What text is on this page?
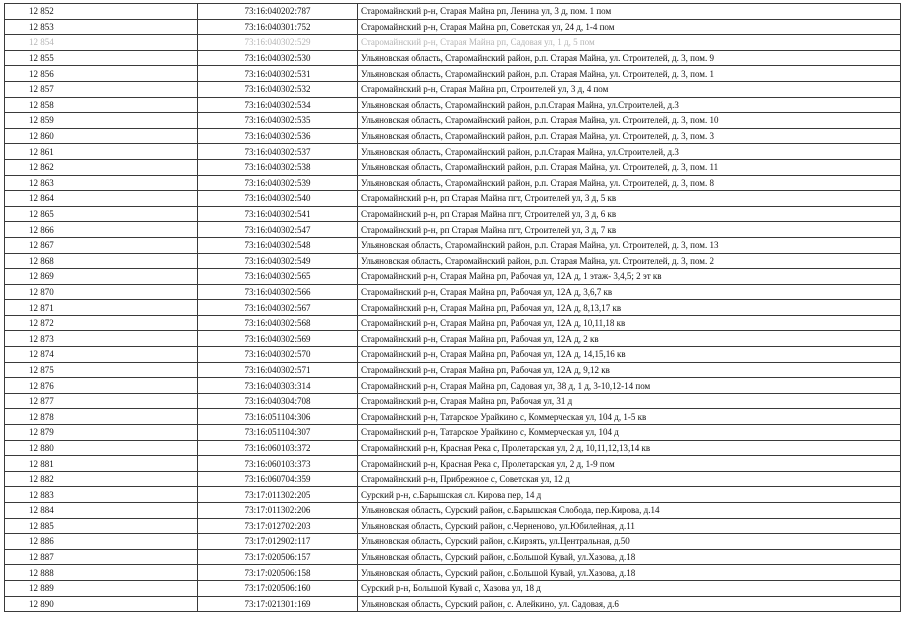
12 852	73:16:040202:787	Старомайнский р-н, Старая Майна рп, Ленина ул, 3 д, пом. 1 пом
12 853	73:16:040301:752	Старомайнский р-н, Старая Майна рп, Советская ул, 24 д, 1-4 пом
12 854	73:16:040302:529	Старомайнский р-н, Старая Майна рп, Садовая ул, 1 д, 5 пом
12 855	73:16:040302:530	Ульяновская область, Старомайнский район, р.п. Старая Майна, ул. Строителей, д. 3, пом. 9
12 856	73:16:040302:531	Ульяновская область, Старомайнский район, р.п. Старая Майна, ул. Строителей, д. 3, пом. 1
12 857	73:16:040302:532	Старомайнский р-н, Старая Майна рп, Строителей ул, 3 д, 4 пом
12 858	73:16:040302:534	Ульяновская область, Старомайнский район, р.п.Старая Майна, ул.Строителей, д.3
12 859	73:16:040302:535	Ульяновская область, Старомайнский район, р.п. Старая Майна, ул. Строителей, д. 3, пом. 10
12 860	73:16:040302:536	Ульяновская область, Старомайнский район, р.п. Старая Майна, ул. Строителей, д. 3, пом. 3
12 861	73:16:040302:537	Ульяновская область, Старомайнский район, р.п.Старая Майна, ул.Строителей, д.3
12 862	73:16:040302:538	Ульяновская область, Старомайнский район, р.п. Старая Майна, ул. Строителей, д. 3, пом. 11
12 863	73:16:040302:539	Ульяновская область, Старомайнский район, р.п. Старая Майна, ул. Строителей, д. 3, пом. 8
12 864	73:16:040302:540	Старомайнский р-н, рп Старая Майна пгт, Строителей ул, 3 д, 5 кв
12 865	73:16:040302:541	Старомайнский р-н, рп Старая Майна пгт, Строителей ул, 3 д, 6 кв
12 866	73:16:040302:547	Старомайнский р-н, рп Старая Майна пгт, Строителей ул, 3 д, 7 кв
12 867	73:16:040302:548	Ульяновская область, Старомайнский район, р.п. Старая Майна, ул. Строителей, д. 3, пом. 13
12 868	73:16:040302:549	Ульяновская область, Старомайнский район, р.п. Старая Майна, ул. Строителей, д. 3, пом. 2
12 869	73:16:040302:565	Старомайнский р-н, Старая Майна рп, Рабочая ул, 12А д, 1 этаж- 3,4,5; 2 эт кв
12 870	73:16:040302:566	Старомайнский р-н, Старая Майна рп, Рабочая ул, 12А д, 3,6,7 кв
12 871	73:16:040302:567	Старомайнский р-н, Старая Майна рп, Рабочая ул, 12А д, 8,13,17 кв
12 872	73:16:040302:568	Старомайнский р-н, Старая Майна рп, Рабочая ул, 12А д, 10,11,18 кв
12 873	73:16:040302:569	Старомайнский р-н, Старая Майна рп, Рабочая ул, 12А д, 2 кв
12 874	73:16:040302:570	Старомайнский р-н, Старая Майна рп, Рабочая ул, 12А д, 14,15,16 кв
12 875	73:16:040302:571	Старомайнский р-н, Старая Майна рп, Рабочая ул, 12А д, 9,12 кв
12 876	73:16:040303:314	Старомайнский р-н, Старая Майна рп, Садовая ул, 38 д, 1 д, 3-10,12-14 пом
12 877	73:16:040304:708	Старомайнский р-н, Старая Майна рп, Рабочая ул, 31 д
12 878	73:16:051104:306	Старомайнский р-н, Татарское Урайкино с, Коммерческая ул, 104 д, 1-5 кв
12 879	73:16:051104:307	Старомайнский р-н, Татарское Урайкино с, Коммерческая ул, 104 д
12 880	73:16:060103:372	Старомайнский р-н, Красная Река с, Пролетарская ул, 2 д, 10,11,12,13,14 кв
12 881	73:16:060103:373	Старомайнский р-н, Красная Река с, Пролетарская ул, 2 д, 1-9 пом
12 882	73:16:060704:359	Старомайнский р-н, Прибрежное с, Советская ул, 12 д
12 883	73:17:011302:205	Сурский р-н, с.Барышская сл. Кирова пер, 14 д
12 884	73:17:011302:206	Ульяновская область, Сурский район, с.Барышская Слобода, пер.Кирова, д.14
12 885	73:17:012702:203	Ульяновская область, Сурский район, с.Черненово, ул.Юбилейная, д.11
12 886	73:17:012902:117	Ульяновская область, Сурский район, с.Кирзять, ул.Центральная, д.50
12 887	73:17:020506:157	Ульяновская область, Сурский район, с.Большой Кувай, ул.Хазова, д.18
12 888	73:17:020506:158	Ульяновская область, Сурский район, с.Большой Кувай, ул.Хазова, д.18
12 889	73:17:020506:160	Сурский р-н, Большой Кувай с, Хазова ул, 18 д
12 890	73:17:021301:169	Ульяновская область, Сурский район, с. Алейкино, ул. Садовая, д.6
